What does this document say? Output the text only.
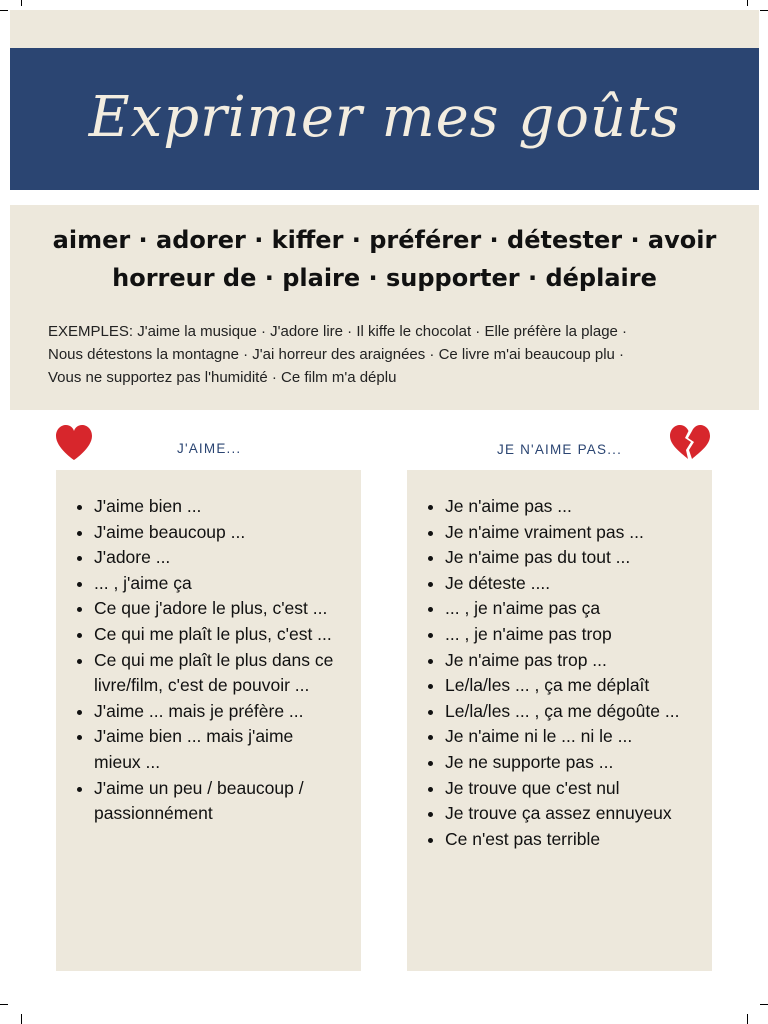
Exprimer mes goûts
aimer · adorer · kiffer · préférer · détester · avoir
horreur de · plaire · supporter · déplaire
EXEMPLES: J'aime la musique · J'adore lire · Il kiffe le chocolat · Elle préfère la plage ·
Nous détestons la montagne · J'ai horreur des araignées · Ce livre m'ai beaucoup plu ·
Vous ne supportez pas l'humidité · Ce film m'a déplu
J'AIME...	JE N'AIME PAS...
• J'aime bien ...
• J'aime beaucoup ...
• J'adore ...
• ... , j'aime ça
• Ce que j'adore le plus, c'est ...
• Ce qui me plaît le plus, c'est ...
• Ce qui me plaît le plus dans ce livre/film, c'est de pouvoir ...
• J'aime ... mais je préfère ...
• J'aime bien ... mais j'aime mieux ...
• J'aime un peu / beaucoup / passionnément
• Je n'aime pas ...
• Je n'aime vraiment pas ...
• Je n'aime pas du tout ...
• Je déteste ....
• ... , je n'aime pas ça
• ... , je n'aime pas trop
• Je n'aime pas trop ...
• Le/la/les ... , ça me déplaît
• Le/la/les ... , ça me dégoûte ...
• Je n'aime ni le ... ni le ...
• Je ne supporte pas ...
• Je trouve que c'est nul
• Je trouve ça assez ennuyeux
• Ce n'est pas terrible
